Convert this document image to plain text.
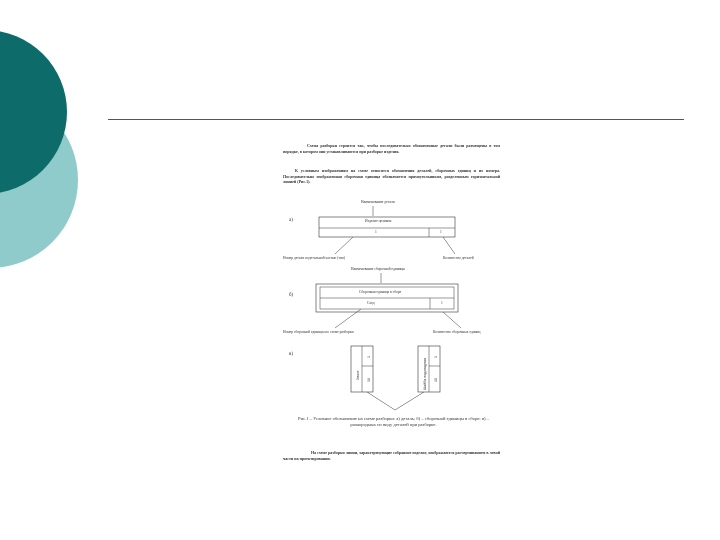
Схема разборки строится так, чтобы последовательно обозначенные детали были размещены в том порядке, в котором они устанавливаются при разборке изделия.
К условным изображениям на схеме относятся обозначения деталей, сборочных единиц и их номера. Последовательно изображенная сборочная единица обозначается прямоугольником, разделенным горизонтальной линией (Рис.1).
а)
Наименование детали
Хвост	Шайба подкладная
1
10
1
10
Изделие целиком
1	1
Номер детали подетальной частью (тип)	Количество деталей
б)
Наименование сборочной единицы
Сборочная единица в сборе
Сход	1
Номер сборочной единицы по схеме разборки	Количество сборочных единиц
в)
Рис.1 – Условное обозначение на схеме разборки: а) деталь; б) – сборочной единицы в сборе; в) – разнородных по виду деталей при разборке.
На схеме разборки линии, характеризующие собранное изделие, изображаются расчерчиванием в левой части на проектировании.
